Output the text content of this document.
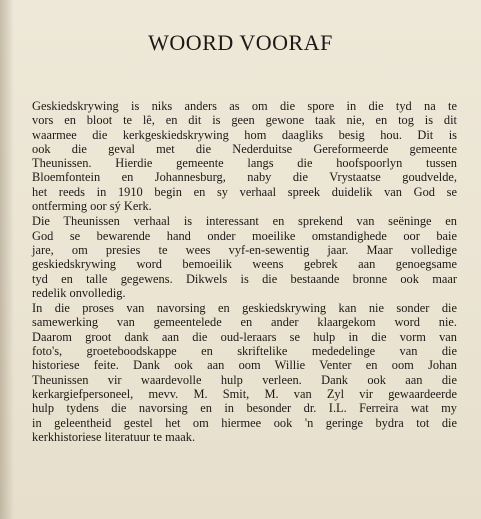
WOORD VOORAF

Geskiedskrywing is niks anders as om die spore in die tyd na te
vors en bloot te lê, en dit is geen gewone taak nie, en tog is dit
waarmee die kerkgeskiedskrywing hom daagliks besig hou. Dit is
ook die geval met die Nederduitse Gereformeerde gemeente
Theunissen. Hierdie gemeente langs die hoofspoorlyn tussen
Bloemfontein en Johannesburg, naby die Vrystaatse goudvelde,
het reeds in 1910 begin en sy verhaal spreek duidelik van God se
ontferming oor sý Kerk.

Die Theunissen verhaal is interessant en sprekend van seëninge en
God se bewarende hand onder moeilike omstandighede oor baie
jare, om presies te wees vyf-en-sewentig jaar. Maar volledige
geskiedskrywing word bemoeilik weens gebrek aan genoegsame
tyd en talle gegewens. Dikwels is die bestaande bronne ook maar
redelik onvolledig.

In die proses van navorsing en geskiedskrywing kan nie sonder die
samewerking van gemeentelede en ander klaargekom word nie.
Daarom groot dank aan die oud-leraars se hulp in die vorm van
foto's, groeteboodskappe en skriftelike mededelinge van die
historiese feite. Dank ook aan oom Willie Venter en oom Johan
Theunissen vir waardevolle hulp verleen. Dank ook aan die
kerkargiefpersoneel, mevv. M. Smit, M. van Zyl vir gewaardeerde
hulp tydens die navorsing en in besonder dr. I.L. Ferreira wat my
in geleentheid gestel het om hiermee ook 'n geringe bydra tot die
kerkhistoriese literatuur te maak.
